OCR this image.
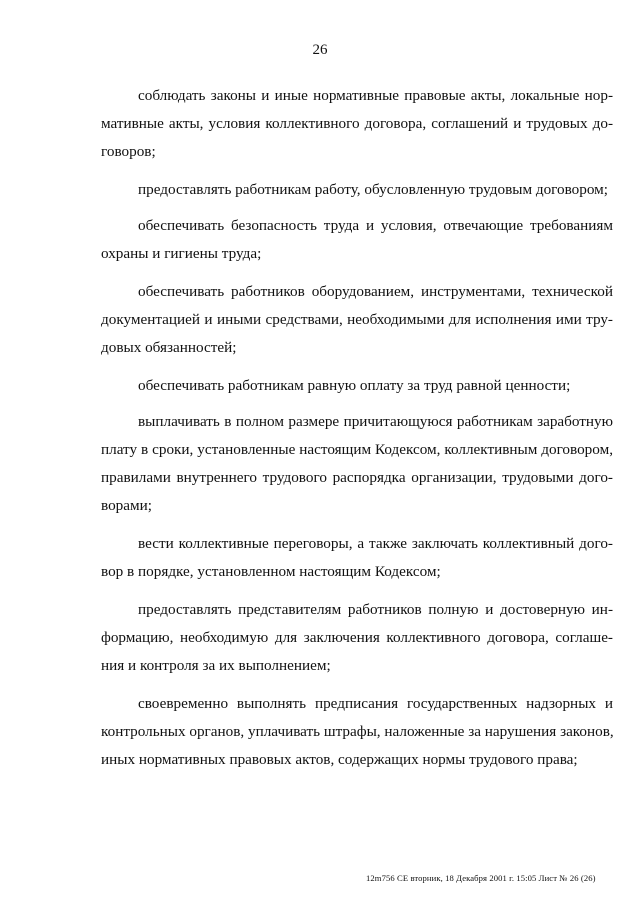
26
соблюдать законы и иные нормативные правовые акты, локальные нор-
мативные акты, условия коллективного договора, соглашений и трудовых до-
говоров;
предоставлять работникам работу, обусловленную трудовым договором;
обеспечивать безопасность труда и условия, отвечающие требованиям
охраны и гигиены труда;
обеспечивать работников оборудованием, инструментами, технической
документацией и иными средствами, необходимыми для исполнения ими тру-
довых обязанностей;
обеспечивать работникам равную оплату за труд равной ценности;
выплачивать в полном размере причитающуюся работникам заработную
плату в сроки, установленные настоящим Кодексом, коллективным договором,
правилами внутреннего трудового распорядка организации, трудовыми дого-
ворами;
вести коллективные переговоры, а также заключать коллективный дого-
вор в порядке, установленном настоящим Кодексом;
предоставлять представителям работников полную и достоверную ин-
формацию, необходимую для заключения коллективного договора, соглаше-
ния и контроля за их выполнением;
своевременно выполнять предписания государственных надзорных и
контрольных органов, уплачивать штрафы, наложенные за нарушения законов,
иных нормативных правовых актов, содержащих нормы трудового права;
12m756 СЕ вторник, 18 Декабря 2001 г. 15:05 Лист № 26 (26)
